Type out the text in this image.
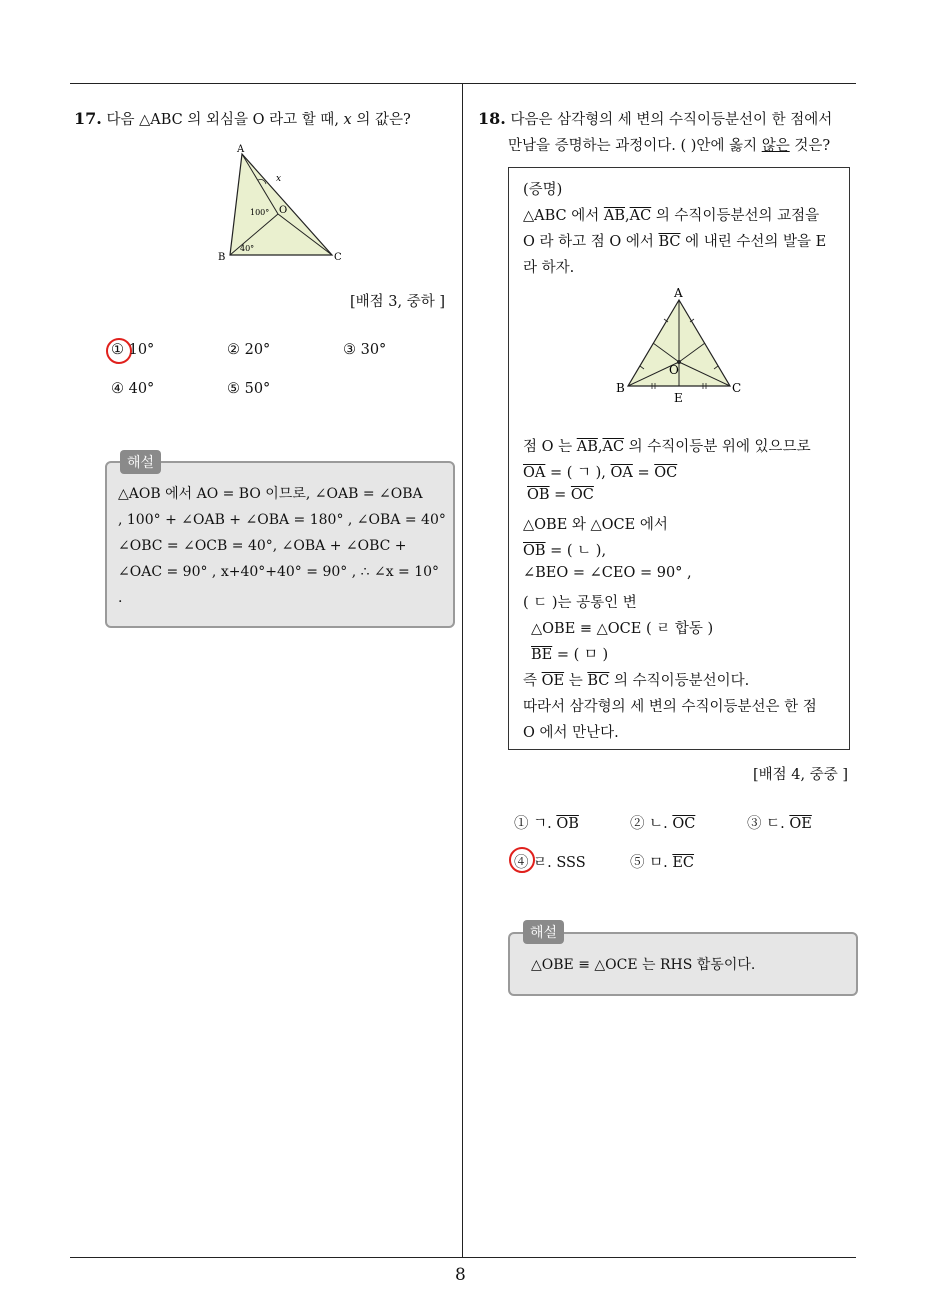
8
17. 다음 △ABC 의 외심을 O 라고 할 때, x 의 값은?
A
B	C
O
x
100°
40°
[배점 3, 중하 ]
① 10°	② 20°	③ 30°
④ 40°	⑤ 50°
해설
△AOB 에서 AO = BO 이므로, ∠OAB = ∠OBA
, 100° + ∠OAB + ∠OBA = 180° , ∠OBA = 40°
∠OBC = ∠OCB = 40°, ∠OBA + ∠OBC +
∠OAC = 90° , x+40°+40° = 90° , ∴ ∠x = 10°
.
18. 다음은 삼각형의 세 변의 수직이등분선이 한 점에서
만남을 증명하는 과정이다. ( )안에 옳지 않은 것은?
(증명)
△ABC 에서 $\overline{AB},\overline{AC}$ 의 수직이등분선의 교점을
O 라 하고 점 O 에서 $\overline{BC}$ 에 내린 수선의 발을 E
라 하자.
A
B	C
O
E
점 O 는 $\overline{AB},\overline{AC}$ 의 수직이등분 위에 있으므로
$\overline{OA}$ = ( ㄱ ), $\overline{OA} = \overline{OC}$
$\overline{OB} = \overline{OC}$
△OBE 와 △OCE 에서
$\overline{OB}$ = ( ㄴ ),
∠BEO = ∠CEO = 90° ,
( ㄷ )는 공통인 변
△OBE ≡ △OCE ( ㄹ 합동 )
$\overline{BE}$ = ( ㅁ )
즉 $\overline{OE}$ 는 $\overline{BC}$ 의 수직이등분선이다.
따라서 삼각형의 세 변의 수직이등분선은 한 점
O 에서 만난다.
[배점 4, 중중 ]
① ㄱ. $\overline{OB}$	② ㄴ. $\overline{OC}$	③ ㄷ. $\overline{OE}$
④ ㄹ. SSS	⑤ ㅁ. $\overline{EC}$
해설
△OBE ≡ △OCE 는 RHS 합동이다.
